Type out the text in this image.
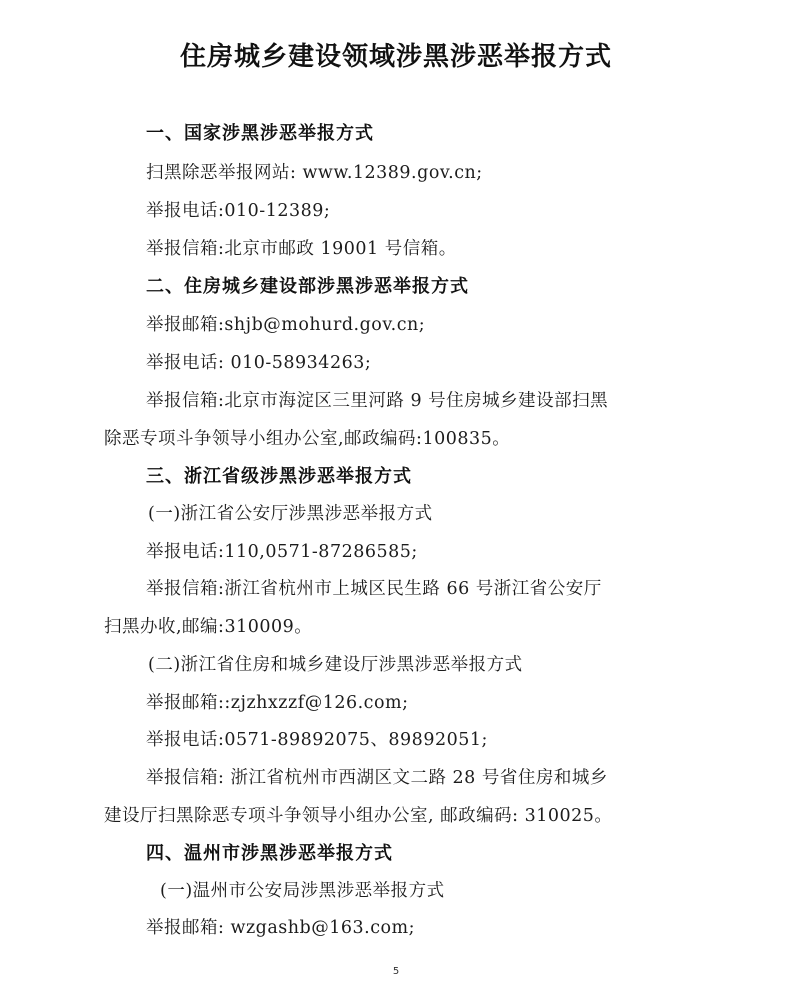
住房城乡建设领域涉黑涉恶举报方式
一、国家涉黑涉恶举报方式
扫黑除恶举报网站: www.12389.gov.cn;
举报电话:010-12389;
举报信箱:北京市邮政 19001 号信箱。
二、住房城乡建设部涉黑涉恶举报方式
举报邮箱:shjb@mohurd.gov.cn;
举报电话: 010-58934263;
举报信箱:北京市海淀区三里河路 9 号住房城乡建设部扫黑
除恶专项斗争领导小组办公室,邮政编码:100835。
三、浙江省级涉黑涉恶举报方式
(一)浙江省公安厅涉黑涉恶举报方式
举报电话:110,0571-87286585;
举报信箱:浙江省杭州市上城区民生路 66 号浙江省公安厅
扫黑办收,邮编:310009。
(二)浙江省住房和城乡建设厅涉黑涉恶举报方式
举报邮箱::zjzhxzzf@126.com;
举报电话:0571-89892075、89892051;
举报信箱: 浙江省杭州市西湖区文二路 28 号省住房和城乡
建设厅扫黑除恶专项斗争领导小组办公室, 邮政编码: 310025。
四、温州市涉黑涉恶举报方式
(一)温州市公安局涉黑涉恶举报方式
举报邮箱: wzgashb@163.com;
5
